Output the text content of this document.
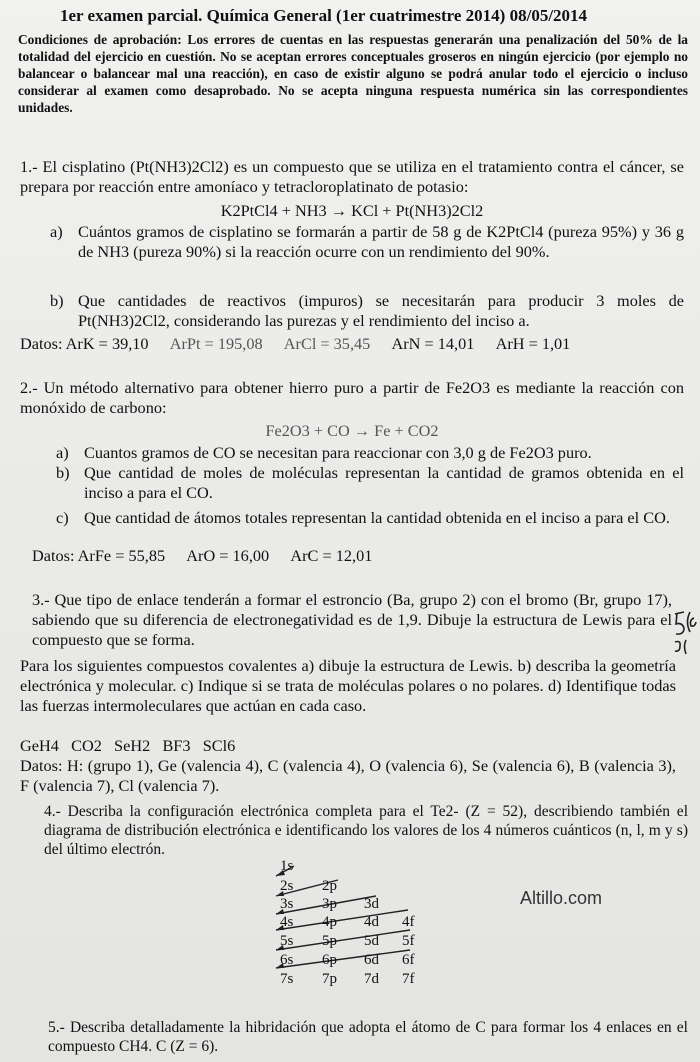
1er examen parcial. Química General (1er cuatrimestre 2014) 08/05/2014
Condiciones de aprobación: Los errores de cuentas en las respuestas generarán una penalización del 50% de la totalidad del ejercicio en cuestión. No se aceptan errores conceptuales groseros en ningún ejercicio (por ejemplo no balancear o balancear mal una reacción), en caso de existir alguno se podrá anular todo el ejercicio o incluso considerar al examen como desaprobado. No se acepta ninguna respuesta numérica sin las correspondientes unidades.
1.- El cisplatino (Pt(NH3)2Cl2) es un compuesto que se utiliza en el tratamiento contra el cáncer, se prepara por reacción entre amoníaco y tetracloroplatinato de potasio:
K2PtCl4 + NH3 → KCl + Pt(NH3)2Cl2
a) Cuántos gramos de cisplatino se formarán a partir de 58 g de K2PtCl4 (pureza 95%) y 36 g de NH3 (pureza 90%) si la reacción ocurre con un rendimiento del 90%.
b) Que cantidades de reactivos (impuros) se necesitarán para producir 3 moles de Pt(NH3)2Cl2, considerando las purezas y el rendimiento del inciso a.
Datos: ArK = 39,10 ArPt = 195,08 ArCl = 35,45 ArN = 14,01 ArH = 1,01
2.- Un método alternativo para obtener hierro puro a partir de Fe2O3 es mediante la reacción con monóxido de carbono:
Fe2O3 + CO → Fe + CO2
a) Cuantos gramos de CO se necesitan para reaccionar con 3,0 g de Fe2O3 puro.
b) Que cantidad de moles de moléculas representan la cantidad de gramos obtenida en el inciso a para el CO.
c) Que cantidad de átomos totales representan la cantidad obtenida en el inciso a para el CO.
Datos: ArFe = 55,85 ArO = 16,00 ArC = 12,01
3.- Que tipo de enlace tenderán a formar el estroncio (Ba, grupo 2) con el bromo (Br, grupo 17), sabiendo que su diferencia de electronegatividad es de 1,9. Dibuje la estructura de Lewis para el compuesto que se forma.
Para los siguientes compuestos covalentes a) dibuje la estructura de Lewis. b) describa la geometría electrónica y molecular. c) Indique si se trata de moléculas polares o no polares. d) Identifique todas las fuerzas intermoleculares que actúan en cada caso.
GeH4   CO2   SeH2   BF3   SCl6
Datos: H: (grupo 1), Ge (valencia 4), C (valencia 4), O (valencia 6), Se (valencia 6), B (valencia 3), F (valencia 7), Cl (valencia 7).
4.- Describa la configuración electrónica completa para el Te2- (Z = 52), describiendo también el diagrama de distribución electrónica e identificando los valores de los 4 números cuánticos (n, l, m y s) del último electrón.
1s
2s 2p
3s 3p 3d
4s 4p 4d 4f
5s 5p 5d 5f
6s 6p 6d 6f
7s 7p 7d 7f
Altillo.com
5.- Describa detalladamente la hibridación que adopta el átomo de C para formar los 4 enlaces en el compuesto CH4. C (Z = 6).
